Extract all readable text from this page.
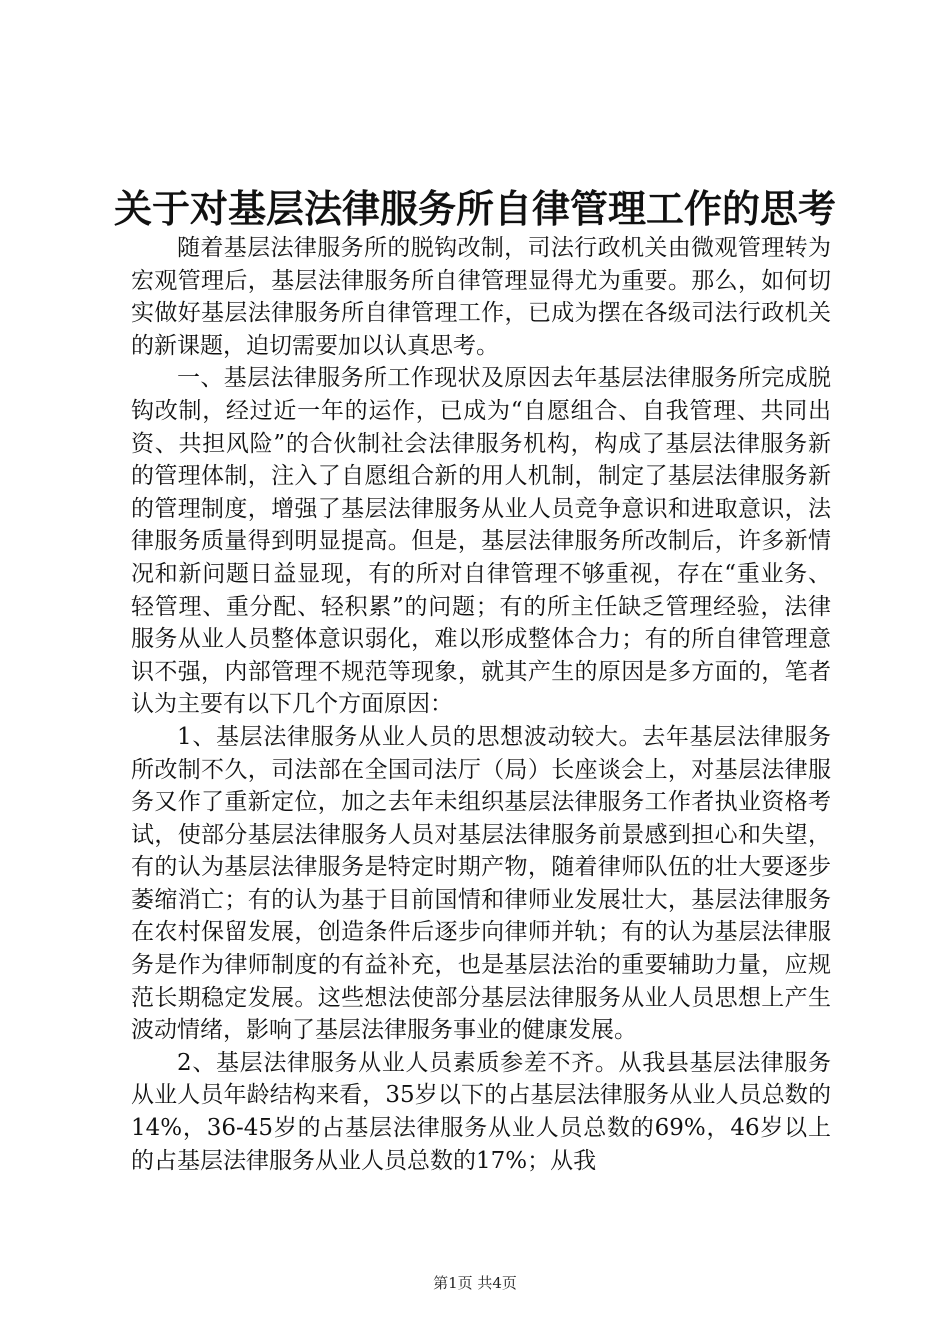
关于对基层法律服务所自律管理工作的思考

随着基层法律服务所的脱钩改制，司法行政机关由微观管理转为宏观管理后，基层法律服务所自律管理显得尤为重要。那么，如何切实做好基层法律服务所自律管理工作，已成为摆在各级司法行政机关的新课题，迫切需要加以认真思考。

一、基层法律服务所工作现状及原因去年基层法律服务所完成脱钩改制，经过近一年的运作，已成为“自愿组合、自我管理、共同出资、共担风险”的合伙制社会法律服务机构，构成了基层法律服务新的管理体制，注入了自愿组合新的用人机制，制定了基层法律服务新的管理制度，增强了基层法律服务从业人员竞争意识和进取意识，法律服务质量得到明显提高。但是，基层法律服务所改制后，许多新情况和新问题日益显现，有的所对自律管理不够重视，存在“重业务、轻管理、重分配、轻积累”的问题；有的所主任缺乏管理经验，法律服务从业人员整体意识弱化，难以形成整体合力；有的所自律管理意识不强，内部管理不规范等现象，就其产生的原因是多方面的，笔者认为主要有以下几个方面原因：

1、基层法律服务从业人员的思想波动较大。去年基层法律服务所改制不久，司法部在全国司法厅（局）长座谈会上，对基层法律服务又作了重新定位，加之去年未组织基层法律服务工作者执业资格考试，使部分基层法律服务人员对基层法律服务前景感到担心和失望，有的认为基层法律服务是特定时期产物，随着律师队伍的壮大要逐步萎缩消亡；有的认为基于目前国情和律师业发展壮大，基层法律服务在农村保留发展，创造条件后逐步向律师并轨；有的认为基层法律服务是作为律师制度的有益补充，也是基层法治的重要辅助力量，应规范长期稳定发展。这些想法使部分基层法律服务从业人员思想上产生波动情绪，影响了基层法律服务事业的健康发展。

2、基层法律服务从业人员素质参差不齐。从我县基层法律服务从业人员年龄结构来看，35岁以下的占基层法律服务从业人员总数的14%，36-45岁的占基层法律服务从业人员总数的69%，46岁以上的占基层法律服务从业人员总数的17%；从我

第1页 共4页
